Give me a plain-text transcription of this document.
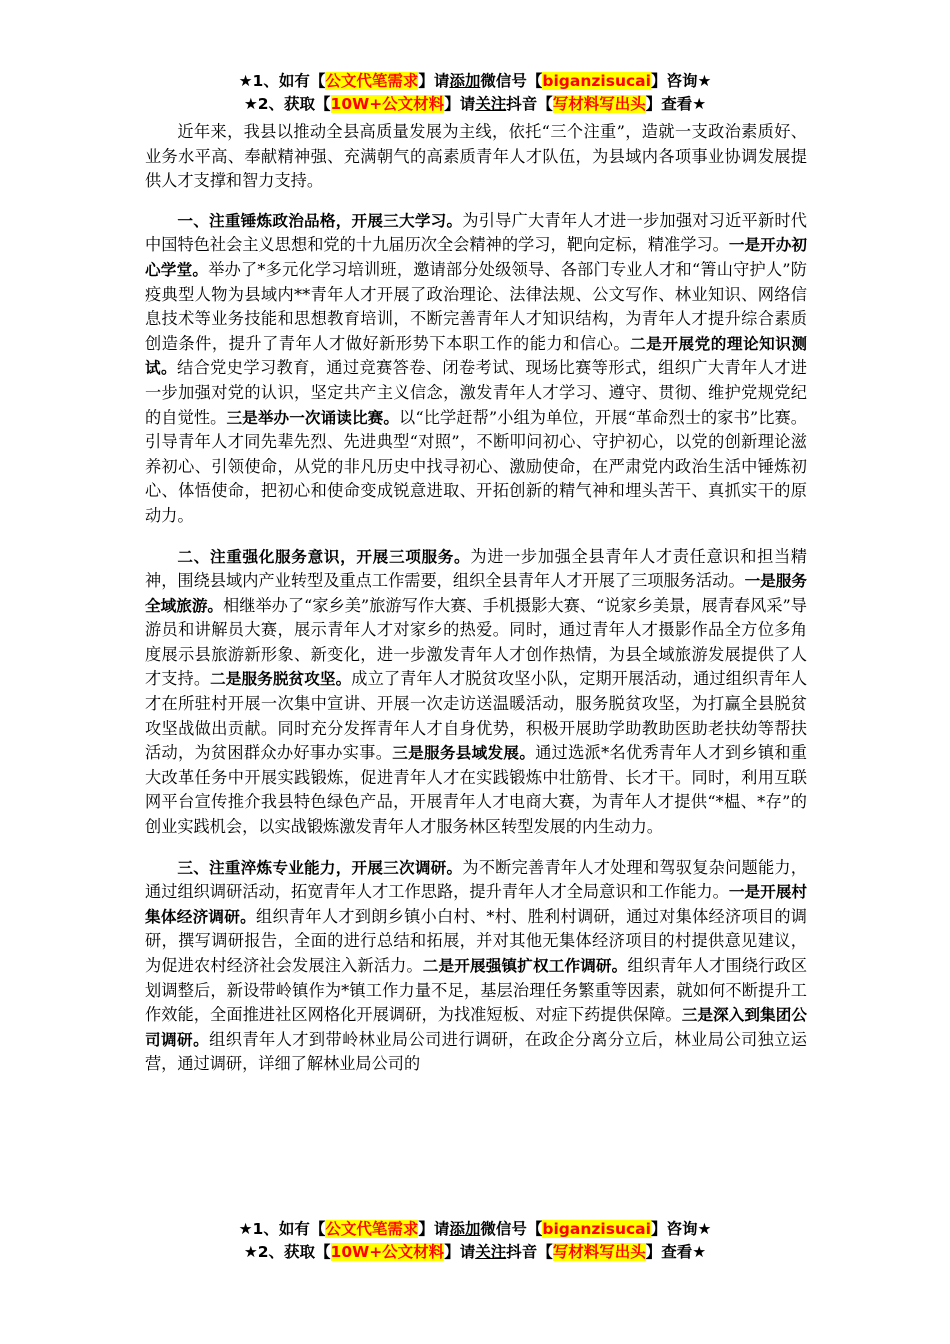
★1、如有【公文代笔需求】请添加微信号【biganzisucai】咨询★
★2、获取【10W+公文材料】请关注抖音【写材料写出头】查看★

近年来，我县以推动全县高质量发展为主线，依托“三个注重”，造就一支政治素质好、业务水平高、奉献精神强、充满朝气的高素质青年人才队伍，为县域内各项事业协调发展提供人才支撑和智力支持。

一、注重锤炼政治品格，开展三大学习。为引导广大青年人才进一步加强对习近平新时代中国特色社会主义思想和党的十九届历次全会精神的学习，靶向定标，精准学习。一是开办初心学堂。举办了*多元化学习培训班，邀请部分处级领导、各部门专业人才和“箐山守护人”防疫典型人物为县域内**青年人才开展了政治理论、法律法规、公文写作、林业知识、网络信息技术等业务技能和思想教育培训，不断完善青年人才知识结构，为青年人才提升综合素质创造条件，提升了青年人才做好新形势下本职工作的能力和信心。二是开展党的理论知识测试。结合党史学习教育，通过竞赛答卷、闭卷考试、现场比赛等形式，组织广大青年人才进一步加强对党的认识，坚定共产主义信念，激发青年人才学习、遵守、贯彻、维护党规党纪的自觉性。三是举办一次诵读比赛。以“比学赶帮”小组为单位，开展“革命烈士的家书”比赛。引导青年人才同先辈先烈、先进典型“对照”，不断叩问初心、守护初心，以党的创新理论滋养初心、引领使命，从党的非凡历史中找寻初心、激励使命，在严肃党内政治生活中锤炼初心、体悟使命，把初心和使命变成锐意进取、开拓创新的精气神和埋头苦干、真抓实干的原动力。

二、注重强化服务意识，开展三项服务。为进一步加强全县青年人才责任意识和担当精神，围绕县域内产业转型及重点工作需要，组织全县青年人才开展了三项服务活动。一是服务全域旅游。相继举办了“家乡美”旅游写作大赛、手机摄影大赛、“说家乡美景，展青春风采”导游员和讲解员大赛，展示青年人才对家乡的热爱。同时，通过青年人才摄影作品全方位多角度展示县旅游新形象、新变化，进一步激发青年人才创作热情，为县全域旅游发展提供了人才支持。二是服务脱贫攻坚。成立了青年人才脱贫攻坚小队，定期开展活动，通过组织青年人才在所驻村开展一次集中宣讲、开展一次走访送温暖活动，服务脱贫攻坚，为打赢全县脱贫攻坚战做出贡献。同时充分发挥青年人才自身优势，积极开展助学助教助医助老扶幼等帮扶活动，为贫困群众办好事办实事。三是服务县域发展。通过选派*名优秀青年人才到乡镇和重大改革任务中开展实践锻炼，促进青年人才在实践锻炼中壮筋骨、长才干。同时，利用互联网平台宣传推介我县特色绿色产品，开展青年人才电商大赛，为青年人才提供“*榅、*存”的创业实践机会，以实战锻炼激发青年人才服务林区转型发展的内生动力。

三、注重淬炼专业能力，开展三次调研。为不断完善青年人才处理和驾驭复杂问题能力，通过组织调研活动，拓宽青年人才工作思路，提升青年人才全局意识和工作能力。一是开展村集体经济调研。组织青年人才到朗乡镇小白村、*村、胜利村调研，通过对集体经济项目的调研，撰写调研报告，全面的进行总结和拓展，并对其他无集体经济项目的村提供意见建议，为促进农村经济社会发展注入新活力。二是开展强镇扩权工作调研。组织青年人才围绕行政区划调整后，新设带岭镇作为*镇工作力量不足，基层治理任务繁重等因素，就如何不断提升工作效能，全面推进社区网格化开展调研，为找准短板、对症下药提供保障。三是深入到集团公司调研。组织青年人才到带岭林业局公司进行调研，在政企分离分立后，林业局公司独立运营，通过调研，详细了解林业局公司的

★1、如有【公文代笔需求】请添加微信号【biganzisucai】咨询★
★2、获取【10W+公文材料】请关注抖音【写材料写出头】查看★
